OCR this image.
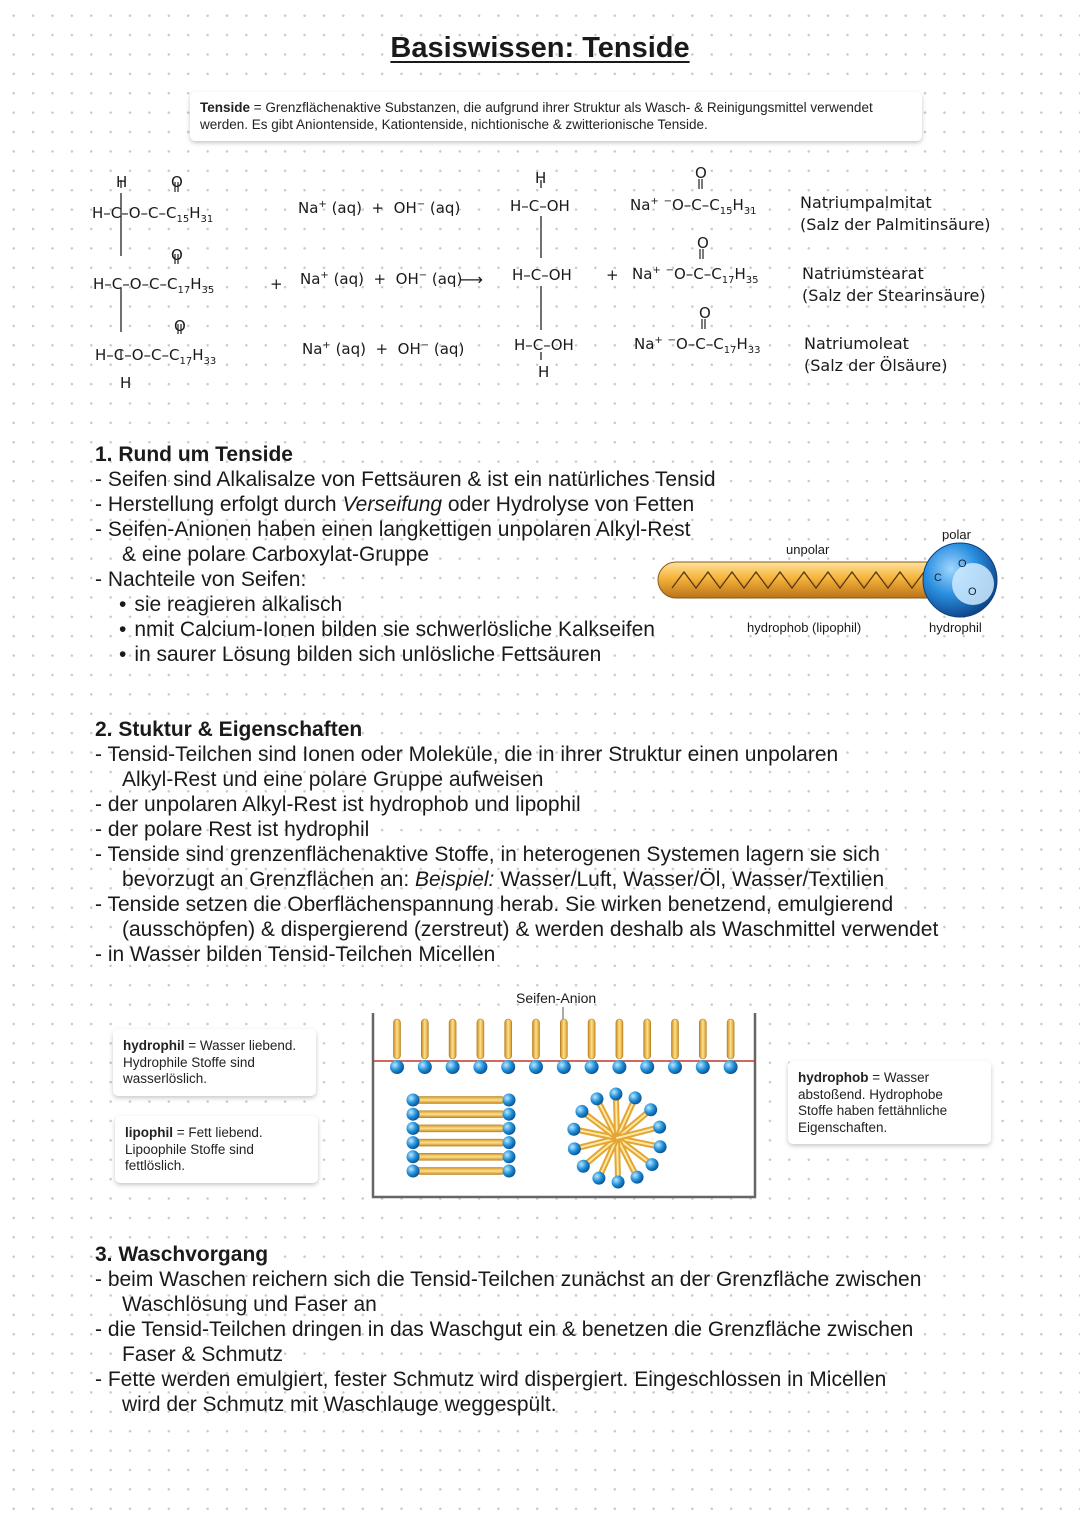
Basiswissen: Tenside
Tenside = Grenzflächenaktive Substanzen, die aufgrund ihrer Struktur als Wasch- & Reinigungsmittel verwendet werden. Es gibt Aniontenside, Kationtenside, nichtionische & zwitterionische Tenside.
H	O
$H-C-O-C-C_{15}H_{31}$
O
$H-C-O-C-C_{17}H_{35}$
O
$H-C-O-C-C_{17}H_{33}$
H
+
Na+ (aq)  +  OH− (aq)
Na+ (aq)  +  OH− (aq)
Na+ (aq)  +  OH− (aq)
⟶
H
H–C–OH
H–C–OH +
H–C–OH
H
O
Na+ $^-O-C-C_{15}H_{31}$
O
Na+ $^-O-C-C_{17}H_{35}$
O
Na+ $^-O-C-C_{17}H_{33}$
Natriumpalmitat
(Salz der Palmitinsäure)
Natriumstearat
(Salz der Stearinsäure)
Natriumoleat
(Salz der Ölsäure)
1. Rund um Tenside

- Seifen sind Alkalisalze von Fettsäuren & ist ein natürliches Tensid

- Herstellung erfolgt durch Verseifung oder Hydrolyse von Fetten

- Seifen-Anionen haben einen langkettigen unpolaren Alkyl-Rest

& eine polare Carboxylat-Gruppe

- Nachteile von Seifen:

• sie reagieren alkalisch

• nmit Calcium-Ionen bilden sie schwerlösliche Kalkseifen

• in saurer Lösung bilden sich unlösliche Fettsäuren

unpolar
polar
C
O
O
hydrophob (lipophil)	hydrophil
2. Stuktur & Eigenschaften

- Tensid-Teilchen sind Ionen oder Moleküle, die in ihrer Struktur einen unpolaren

Alkyl-Rest und eine polare Gruppe aufweisen

- der unpolaren Alkyl-Rest ist hydrophob und lipophil

- der polare Rest ist hydrophil

- Tenside sind grenzenflächenaktive Stoffe, in heterogenen Systemen lagern sie sich

bevorzugt an Grenzflächen an: Beispiel: Wasser/Luft, Wasser/Öl, Wasser/Textilien

- Tenside setzen die Oberflächenspannung herab. Sie wirken benetzend, emulgierend

(ausschöpfen) & dispergierend (zerstreut) & werden deshalb als Waschmittel verwendet

- in Wasser bilden Tensid-Teilchen Micellen

hydrophil = Wasser liebend. Hydrophile Stoffe sind wasserlöslich.
lipophil = Fett liebend. Lipoophile Stoffe sind fettlöslich.
hydrophob = Wasser abstoßend. Hydrophobe Stoffe haben fettähnliche Eigenschaften.
Seifen-Anion
3. Waschvorgang

- beim Waschen reichern sich die Tensid-Teilchen zunächst an der Grenzfläche zwischen

Waschlösung und Faser an

- die Tensid-Teilchen dringen in das Waschgut ein & benetzen die Grenzfläche zwischen

Faser & Schmutz

- Fette werden emulgiert, fester Schmutz wird dispergiert. Eingeschlossen in Micellen

wird der Schmutz mit Waschlauge weggespült.
